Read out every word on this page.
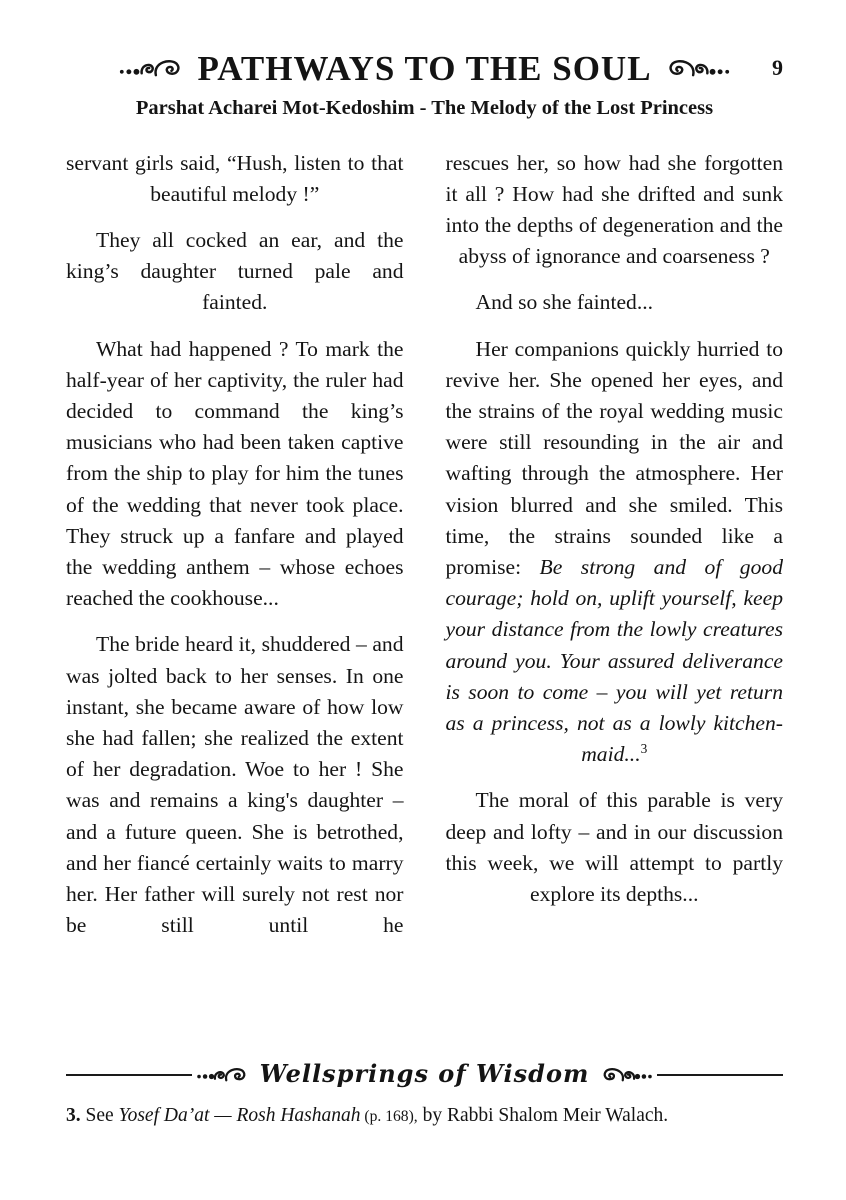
PATHWAYS TO THE SOUL	9
Parshat Acharei Mot-Kedoshim - The Melody of the Lost Princess

servant girls said, “Hush, listen to that beautiful melody !”

They all cocked an ear, and the king’s daughter turned pale and fainted.

What had happened ? To mark the half-year of her captivity, the ruler had decided to command the king’s musicians who had been taken captive from the ship to play for him the tunes of the wedding that never took place. They struck up a fanfare and played the wedding anthem – whose echoes reached the cookhouse...

The bride heard it, shuddered – and was jolted back to her senses. In one instant, she became aware of how low she had fallen; she realized the extent of her degradation. Woe to her ! She was and remains a king's daughter – and a future queen. She is betrothed, and her fiancé certainly waits to marry her. Her father will surely not rest nor be still until he

rescues her, so how had she forgotten it all ? How had she drifted and sunk into the depths of degeneration and the abyss of ignorance and coarseness ?

And so she fainted...

Her companions quickly hurried to revive her. She opened her eyes, and the strains of the royal wedding music were still resounding in the air and wafting through the atmosphere. Her vision blurred and she smiled. This time, the strains sounded like a promise: Be strong and of good courage; hold on, uplift yourself, keep your distance from the lowly creatures around you. Your assured deliverance is soon to come – you will yet return as a princess, not as a lowly kitchen-maid...$^3$

The moral of this parable is very deep and lofty – and in our discussion this week, we will attempt to partly explore its depths...

Wellsprings of Wisdom
3. See Yosef Da’at — Rosh Hashanah (p. 168), by Rabbi Shalom Meir Walach.
